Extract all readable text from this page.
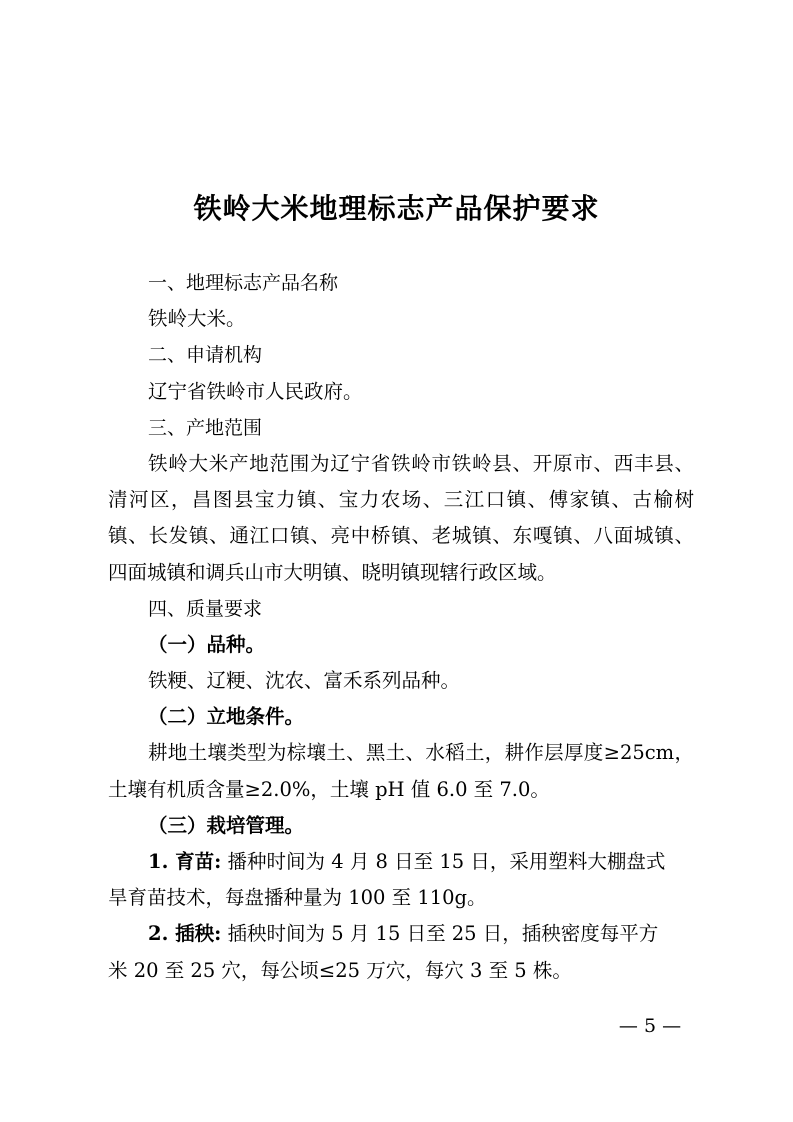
铁岭大米地理标志产品保护要求
一、地理标志产品名称
铁岭大米。
二、申请机构
辽宁省铁岭市人民政府。
三、产地范围
铁岭大米产地范围为辽宁省铁岭市铁岭县、开原市、西丰县、
清河区，昌图县宝力镇、宝力农场、三江口镇、傅家镇、古榆树
镇、长发镇、通江口镇、亮中桥镇、老城镇、东嘎镇、八面城镇、
四面城镇和调兵山市大明镇、晓明镇现辖行政区域。
四、质量要求
（一）品种。
铁粳、辽粳、沈农、富禾系列品种。
（二）立地条件。
耕地土壤类型为棕壤土、黑土、水稻土，耕作层厚度≥25cm，
土壤有机质含量≥2.0%，土壤 pH 值 6.0 至 7.0。
（三）栽培管理。
1. 育苗: 播种时间为 4 月 8 日至 15 日，采用塑料大棚盘式
旱育苗技术，每盘播种量为 100 至 110g。
2. 插秧: 插秧时间为 5 月 15 日至 25 日，插秧密度每平方
米 20 至 25 穴，每公顷≤25 万穴，每穴 3 至 5 株。
— 5 —
